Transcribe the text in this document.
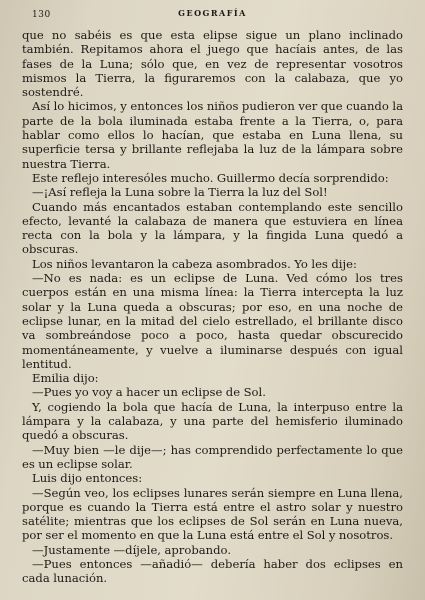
130	GEOGRAFÍA

que no sabéis es que esta elipse sigue un plano inclinado también. Repitamos ahora el juego que hacíais antes, de las fases de la Luna; sólo que, en vez de representar vosotros mismos la Tierra, la figuraremos con la calabaza, que yo sostendré.

Así lo hicimos, y entonces los niños pudieron ver que cuando la parte de la bola iluminada estaba frente a la Tierra, o, para hablar como ellos lo hacían, que estaba en Luna llena, su superficie tersa y brillante reflejaba la luz de la lámpara sobre nuestra Tierra.

Este reflejo interesóles mucho. Guillermo decía sorprendido:

—¡Así refleja la Luna sobre la Tierra la luz del Sol!

Cuando más encantados estaban contemplando este sencillo efecto, levanté la calabaza de manera que estuviera en línea recta con la bola y la lámpara, y la fingida Luna quedó a obscuras.

Los niños levantaron la cabeza asombrados. Yo les dije:

—No es nada: es un eclipse de Luna. Ved cómo los tres cuerpos están en una misma línea: la Tierra intercepta la luz solar y la Luna queda a obscuras; por eso, en una noche de eclipse lunar, en la mitad del cielo estrellado, el brillante disco va sombreándose poco a poco, hasta quedar obscurecido momentáneamente, y vuelve a iluminarse después con igual lentitud.

Emilia dijo:

—Pues yo voy a hacer un eclipse de Sol.

Y, cogiendo la bola que hacía de Luna, la interpuso entre la lámpara y la calabaza, y una parte del hemisferio iluminado quedó a obscuras.

—Muy bien —le dije—; has comprendido perfectamente lo que es un eclipse solar.

Luis dijo entonces:

—Según veo, los eclipses lunares serán siempre en Luna llena, porque es cuando la Tierra está entre el astro solar y nuestro satélite; mientras que los eclipses de Sol serán en Luna nueva, por ser el momento en que la Luna está entre el Sol y nosotros.

—Justamente —díjele, aprobando.

—Pues entonces —añadió— debería haber dos eclipses en cada lunación.
